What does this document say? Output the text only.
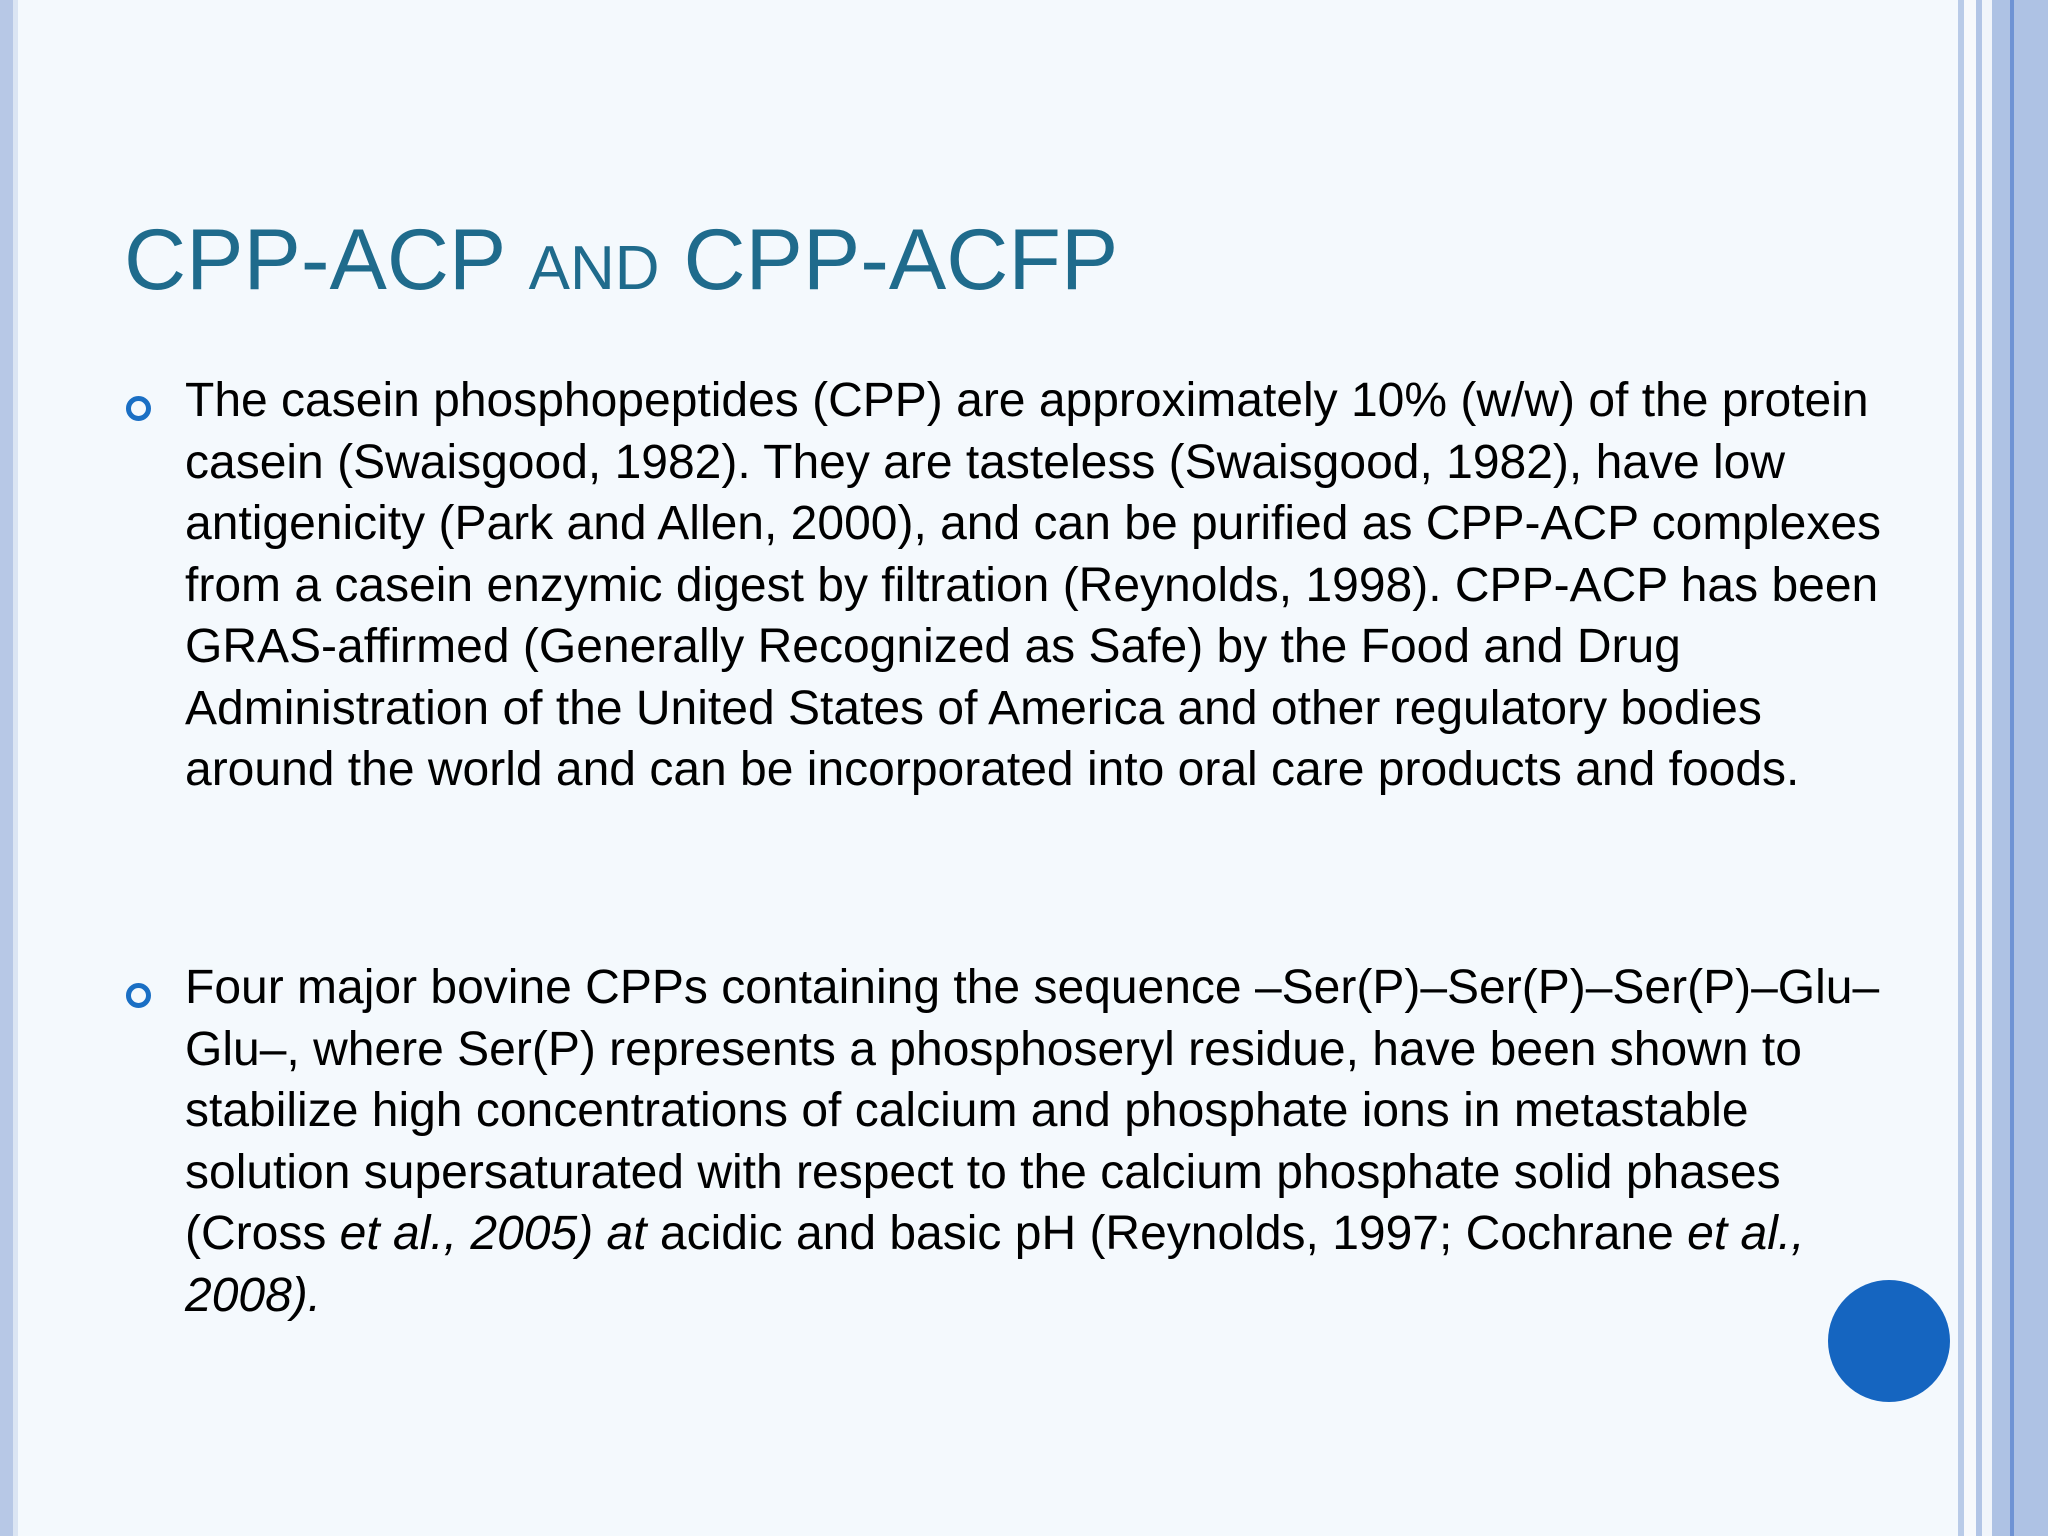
CPP-ACP AND CPP-ACFP

The casein phosphopeptides (CPP) are approximately 10% (w/w) of the protein casein (Swaisgood, 1982). They are tasteless (Swaisgood, 1982), have low antigenicity (Park and Allen, 2000), and can be purified as CPP-ACP complexes from a casein enzymic digest by filtration (Reynolds, 1998). CPP-ACP has been GRAS-affirmed (Generally Recognized as Safe) by the Food and Drug Administration of the United States of America and other regulatory bodies around the world and can be incorporated into oral care products and foods.

Four major bovine CPPs containing the sequence –Ser(P)–Ser(P)–Ser(P)–Glu– Glu–, where Ser(P) represents a phosphoseryl residue, have been shown to stabilize high concentrations of calcium and phosphate ions in metastable solution supersaturated with respect to the calcium phosphate solid phases (Cross et al., 2005) at acidic and basic pH (Reynolds, 1997; Cochrane et al., 2008).
